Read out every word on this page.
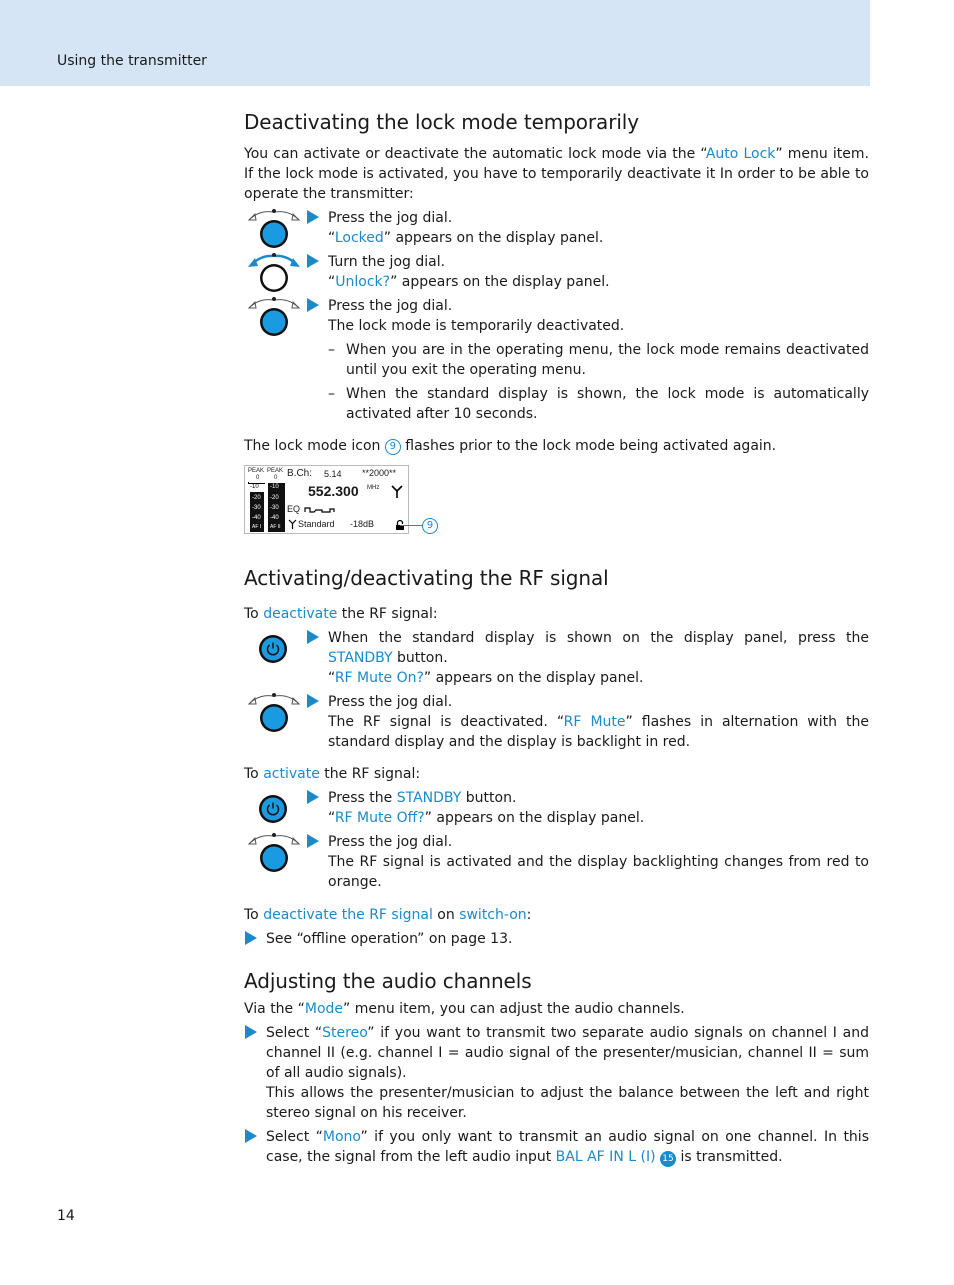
Using the transmitter
Deactivating the lock mode temporarily

You can activate or deactivate the automatic lock mode via the “Auto Lock” menu item. If the lock mode is activated, you have to temporarily deactivate it In order to be able to operate the transmitter:

Press the jog dial.
“Locked” appears on the display panel.

Turn the jog dial.
“Unlock?” appears on the display panel.

Press the jog dial.
The lock mode is temporarily deactivated.

– When you are in the operating menu, the lock mode remains deactivated until you exit the operating menu.

– When the standard display is shown, the lock mode is automatically activated after 10 seconds.

The lock mode icon 9 flashes prior to the lock mode being activated again.

PEAK PEAK
0 0
-10 -10
-20 -20
-30 -30
-40 -40
AF I AF II
B.Ch: 5.14 **2000**
552.300 MHz
EQ
Standard -18dB	9
Activating/deactivating the RF signal

To deactivate the RF signal:

When the standard display is shown on the display panel, press the STANDBY button.
“RF Mute On?” appears on the display panel.

Press the jog dial.
The RF signal is deactivated. “RF Mute” flashes in alternation with the standard display and the display is backlight in red.

To activate the RF signal:

Press the STANDBY button.
“RF Mute Off?” appears on the display panel.

Press the jog dial.
The RF signal is activated and the display backlighting changes from red to orange.

To deactivate the RF signal on switch-on:

See “offline operation” on page 13.

Adjusting the audio channels

Via the “Mode” menu item, you can adjust the audio channels.

Select “Stereo” if you want to transmit two separate audio signals on channel I and channel II (e.g. channel I = audio signal of the presenter/musician, channel II = sum of all audio signals).
This allows the presenter/musician to adjust the balance between the left and right stereo signal on his receiver.

Select “Mono” if you only want to transmit an audio signal on one channel. In this case, the signal from the left audio input BAL AF IN L (I) 15 is transmitted.

14
